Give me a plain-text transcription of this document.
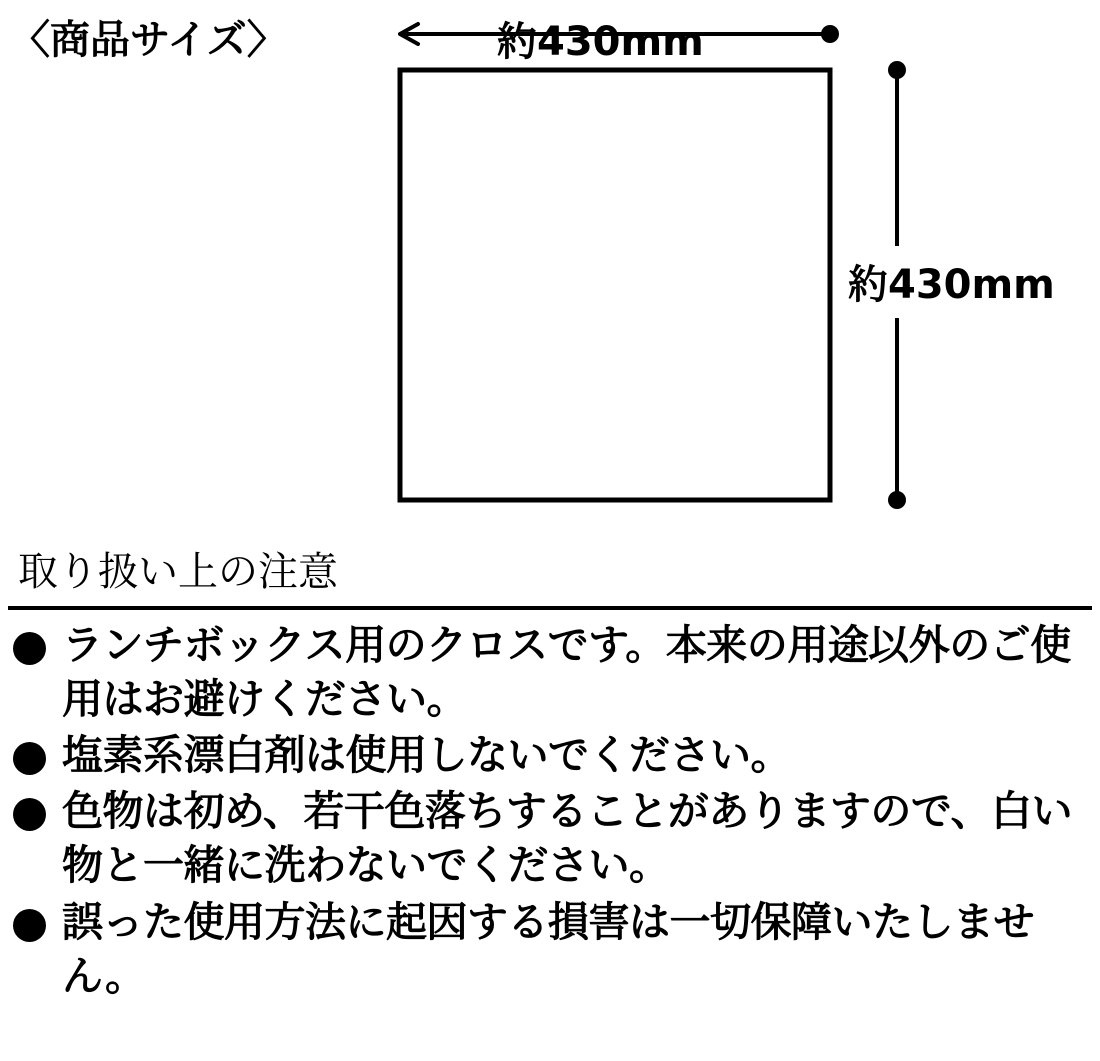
〈商品サイズ〉	約430mm
約430mm
取り扱い上の注意
ランチボックス用のクロスです。本来の用途以外のご使用はお避けください。
塩素系漂白剤は使用しないでください。
色物は初め、若干色落ちすることがありますので、白い物と一緒に洗わないでください。
誤った使用方法に起因する損害は一切保障いたしません。
